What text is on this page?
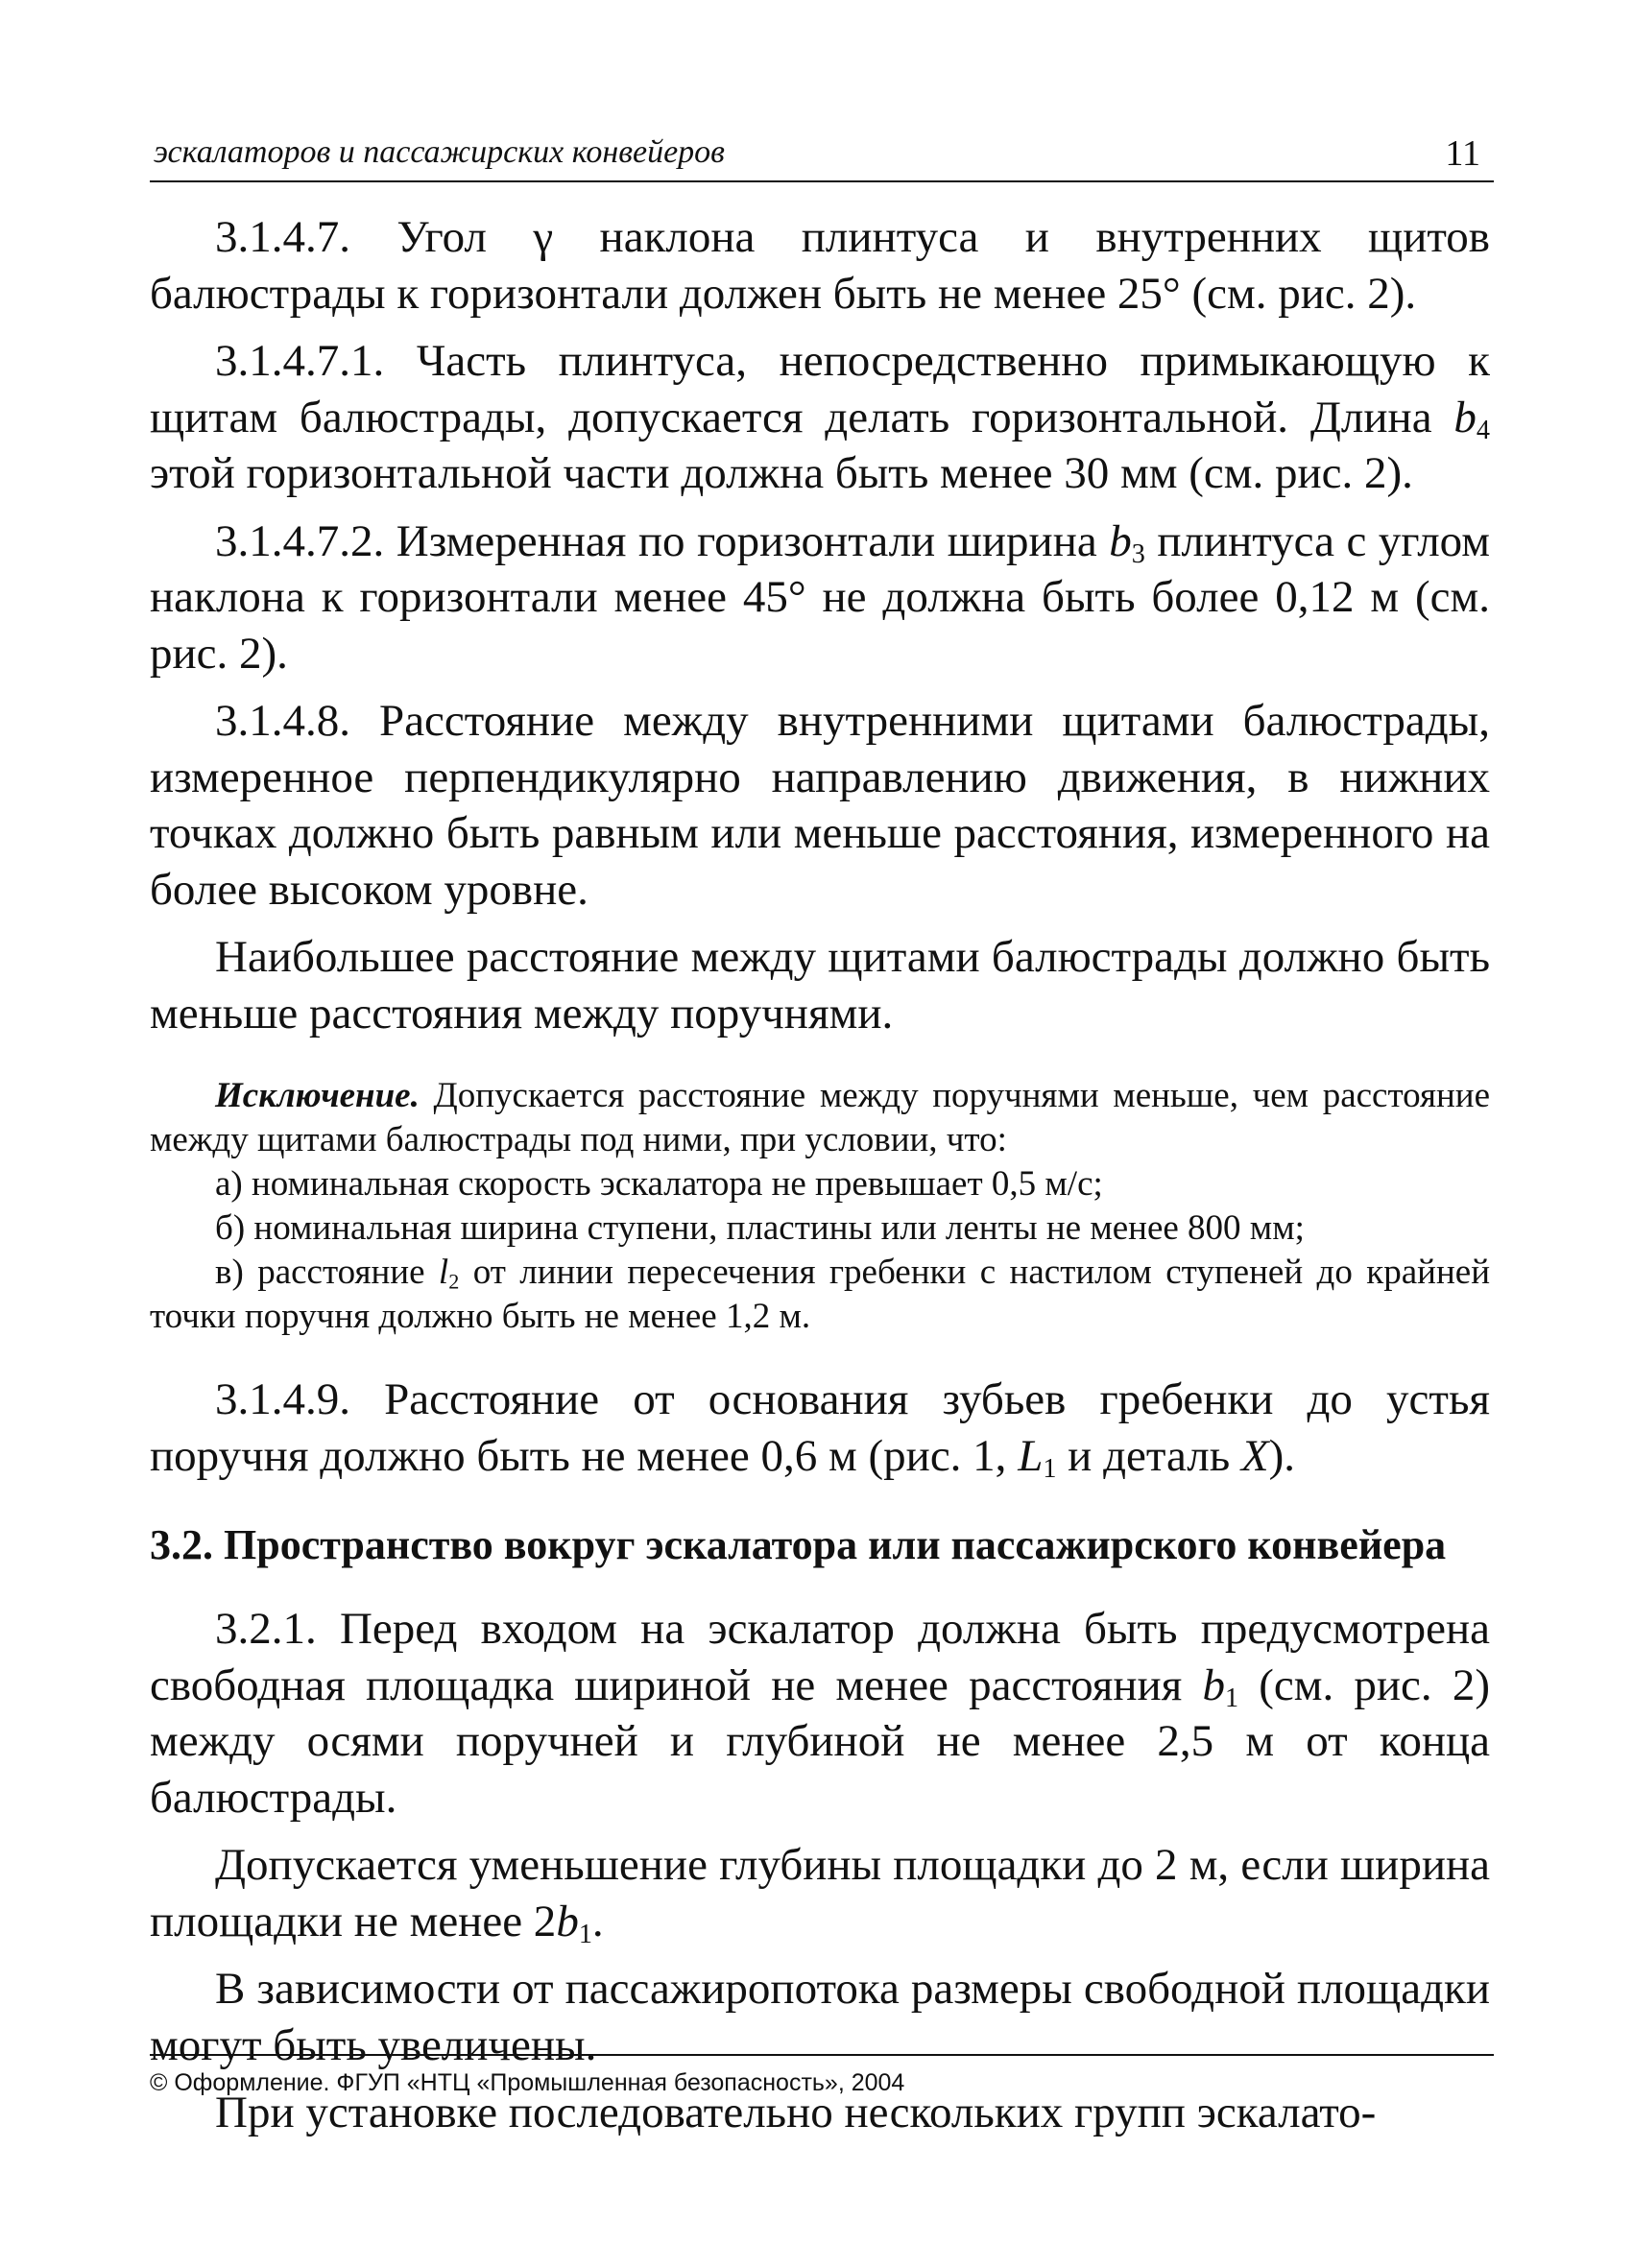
эскалаторов и пассажирских конвейеров	11

3.1.4.7. Угол γ наклона плинтуса и внутренних щитов балюстрады к горизонтали должен быть не менее 25° (см. рис. 2).

3.1.4.7.1. Часть плинтуса, непосредственно примыкающую к щитам балюстрады, допускается делать горизонтальной. Длина $b_4$ этой горизонтальной части должна быть менее 30 мм (см. рис. 2).

3.1.4.7.2. Измеренная по горизонтали ширина $b_3$ плинтуса с углом наклона к горизонтали менее 45° не должна быть более 0,12 м (см. рис. 2).

3.1.4.8. Расстояние между внутренними щитами балюстрады, измеренное перпендикулярно направлению движения, в нижних точках должно быть равным или меньше расстояния, измеренного на более высоком уровне.

Наибольшее расстояние между щитами балюстрады должно быть меньше расстояния между поручнями.

Исключение. Допускается расстояние между поручнями меньше, чем расстояние между щитами балюстрады под ними, при условии, что:

а) номинальная скорость эскалатора не превышает 0,5 м/с;

б) номинальная ширина ступени, пластины или ленты не менее 800 мм;

в) расстояние $l_2$ от линии пересечения гребенки с настилом ступеней до крайней точки поручня должно быть не менее 1,2 м.

3.1.4.9. Расстояние от основания зубьев гребенки до устья поручня должно быть не менее 0,6 м (рис. 1, $L_1$ и деталь X).

3.2. Пространство вокруг эскалатора или пассажирского конвейера

3.2.1. Перед входом на эскалатор должна быть предусмотрена свободная площадка шириной не менее расстояния $b_1$ (см. рис. 2) между осями поручней и глубиной не менее 2,5 м от конца балюстрады.

Допускается уменьшение глубины площадки до 2 м, если ширина площадки не менее $2b_1$.

В зависимости от пассажиропотока размеры свободной площадки могут быть увеличены.

При установке последовательно нескольких групп эскалато-

© Оформление. ФГУП «НТЦ «Промышленная безопасность», 2004
